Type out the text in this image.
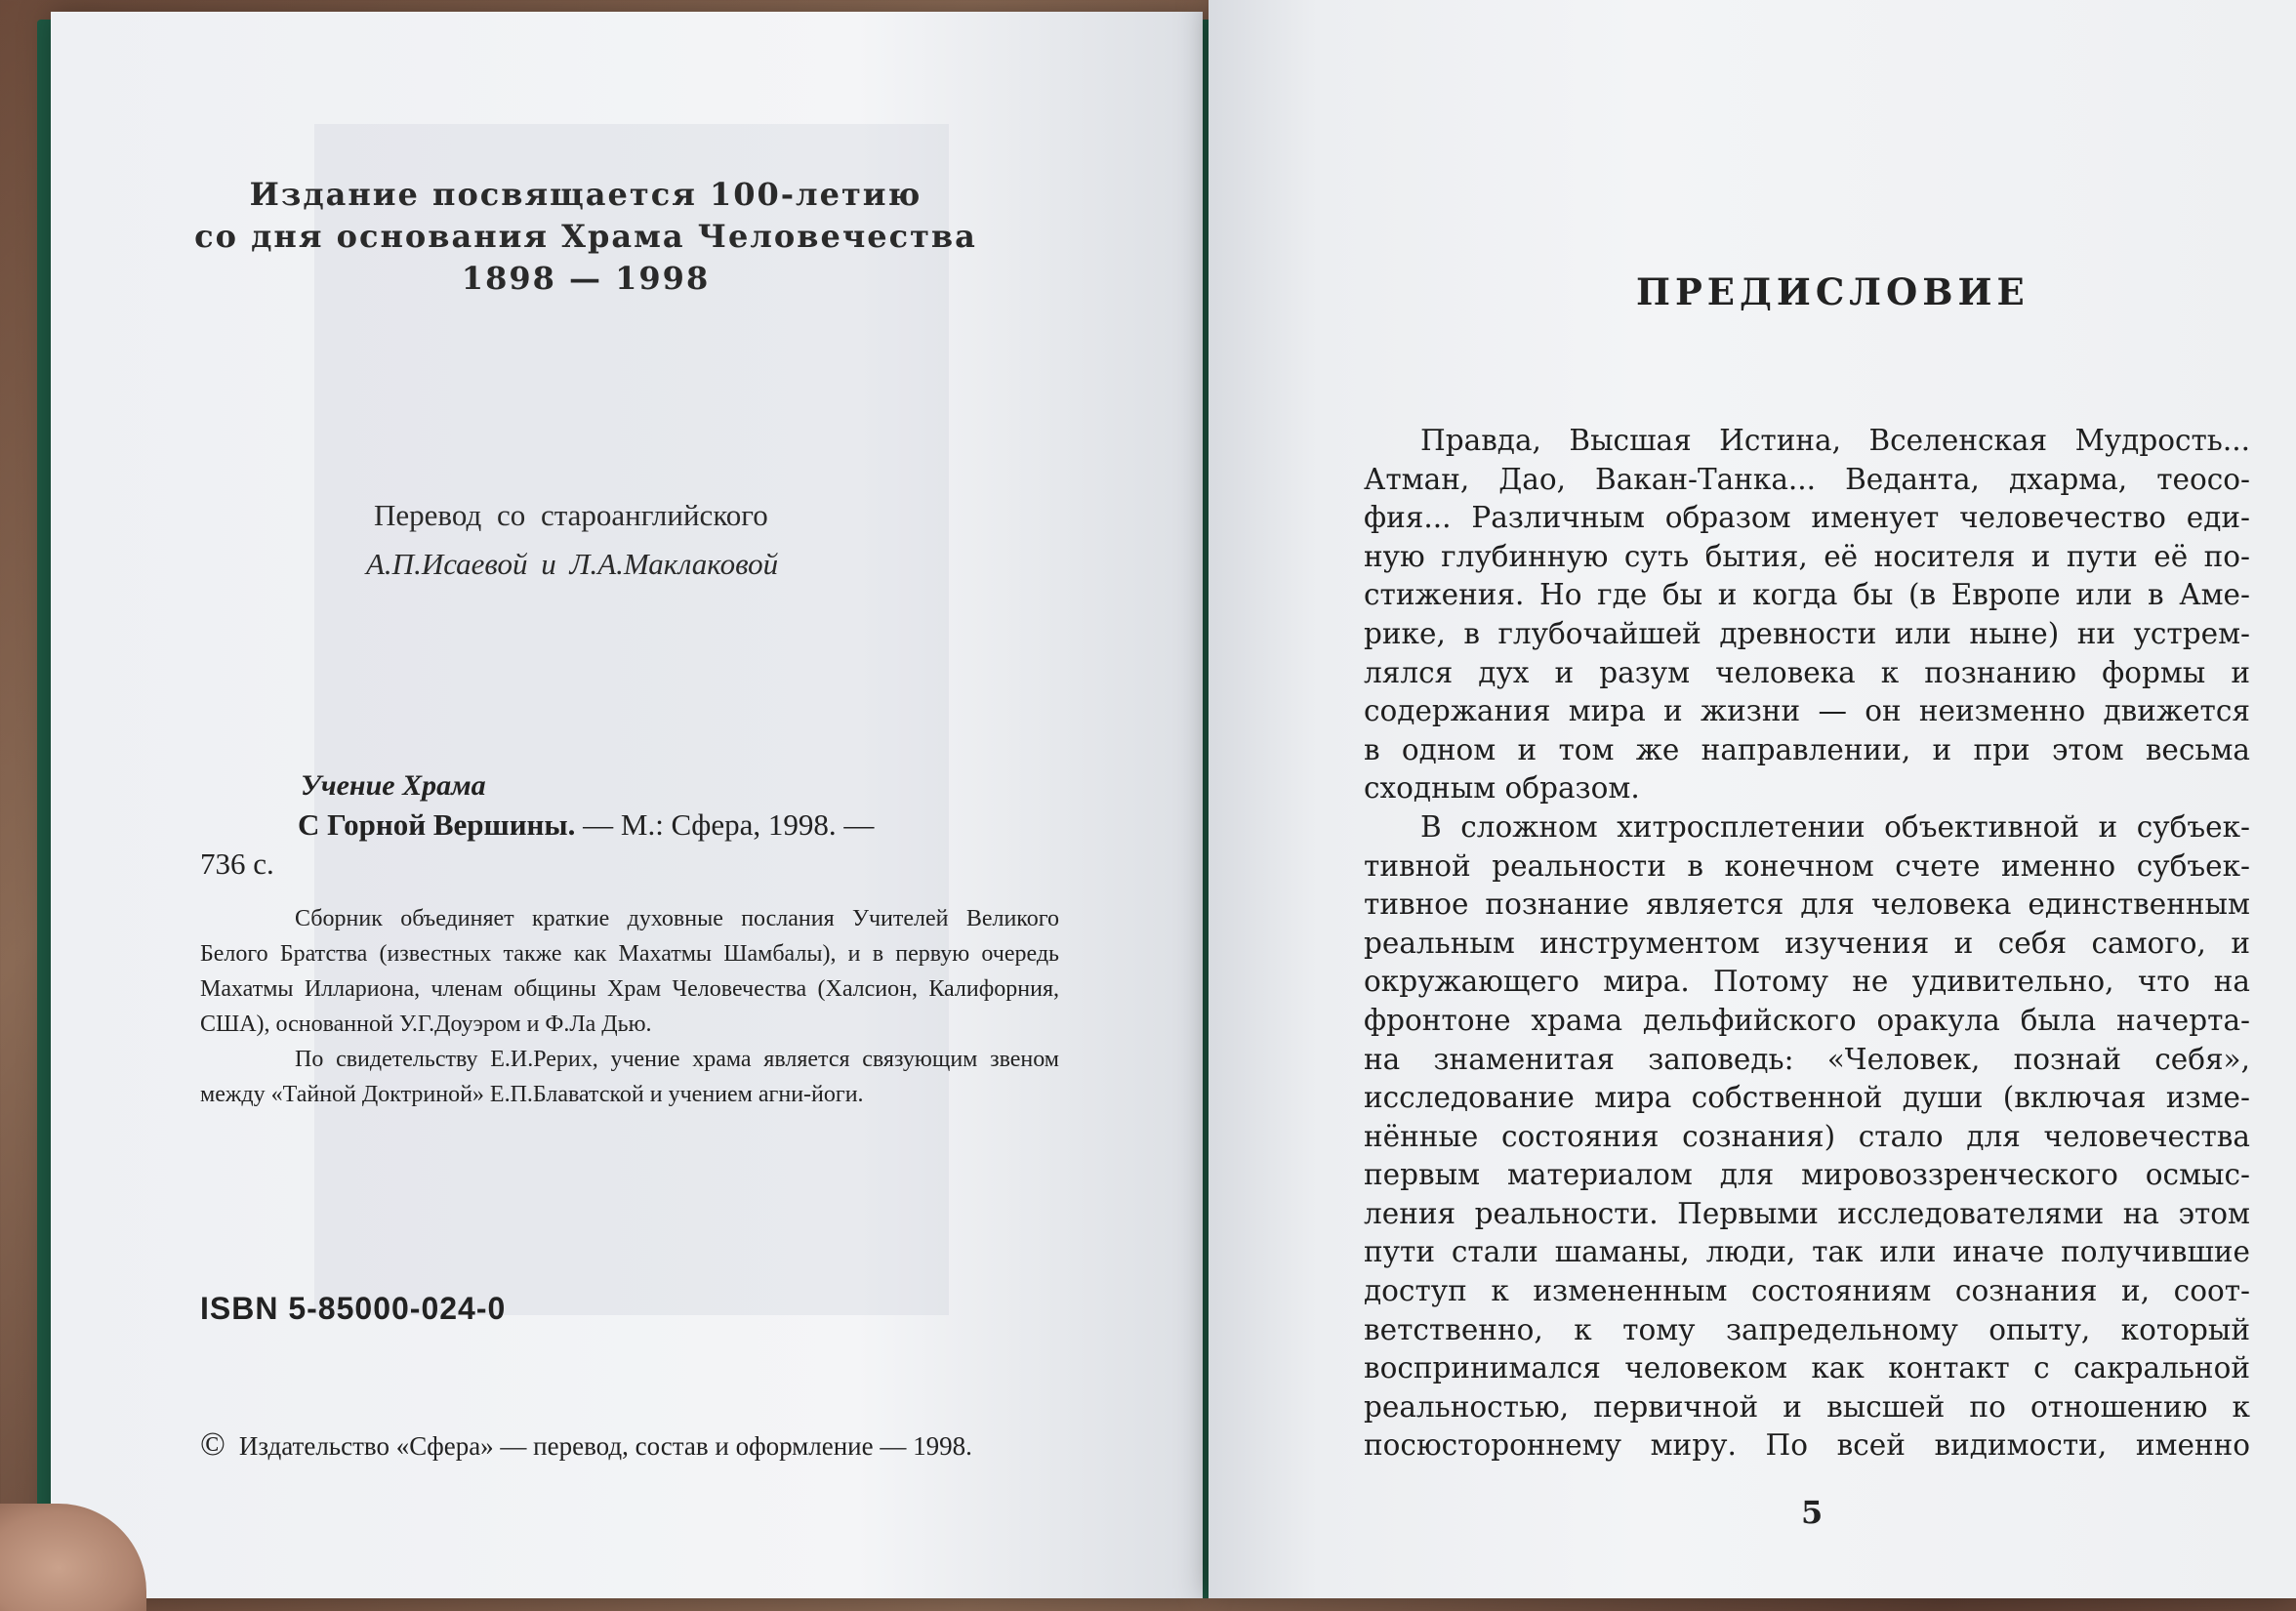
Издание посвящается 100-летию
со дня основания Храма Человечества
1898 — 1998
Перевод со староанглийского
А.П.Исаевой и Л.А.Маклаковой
Учение Храма
С Горной Вершины. — М.: Сфера, 1998. —
736 с.

Сборник объединяет краткие духовные послания Учителей Великого Белого Братства (известных также как Махатмы Шамбалы), и в первую очередь Махатмы Иллариона, членам общины Храм Человечества (Халсион, Калифорния, США), основанной У.Г.Доуэром и Ф.Ла Дью.

По свидетельству Е.И.Рерих, учение храма является связующим звеном между «Тайной Доктриной» Е.П.Блаватской и учением агни-йоги.

ISBN 5-85000-024-0
© Издательство «Сфера» — перевод, состав и оформление — 1998.
ПРЕДИСЛОВИЕ
Правда, Высшая Истина, Вселенская Мудрость...
Атман, Дао, Вакан-Танка... Веданта, дхарма, теосо-
фия... Различным образом именует человечество еди-
ную глубинную суть бытия, её носителя и пути её по-
стижения. Но где бы и когда бы (в Европе или в Аме-
рике, в глубочайшей древности или ныне) ни устрем-
лялся дух и разум человека к познанию формы и
содержания мира и жизни — он неизменно движется
в одном и том же направлении, и при этом весьма
сходным образом.
В сложном хитросплетении объективной и субъек-
тивной реальности в конечном счете именно субъек-
тивное познание является для человека единственным
реальным инструментом изучения и себя самого, и
окружающего мира. Потому не удивительно, что на
фронтоне храма дельфийского оракула была начерта-
на знаменитая заповедь: «Человек, познай себя»,
исследование мира собственной души (включая изме-
нённые состояния сознания) стало для человечества
первым материалом для мировоззренческого осмыс-
ления реальности. Первыми исследователями на этом
пути стали шаманы, люди, так или иначе получившие
доступ к измененным состояниям сознания и, соот-
ветственно, к тому запредельному опыту, который
воспринимался человеком как контакт с сакральной
реальностью, первичной и высшей по отношению к
посюстороннему миру. По всей видимости, именно
5
